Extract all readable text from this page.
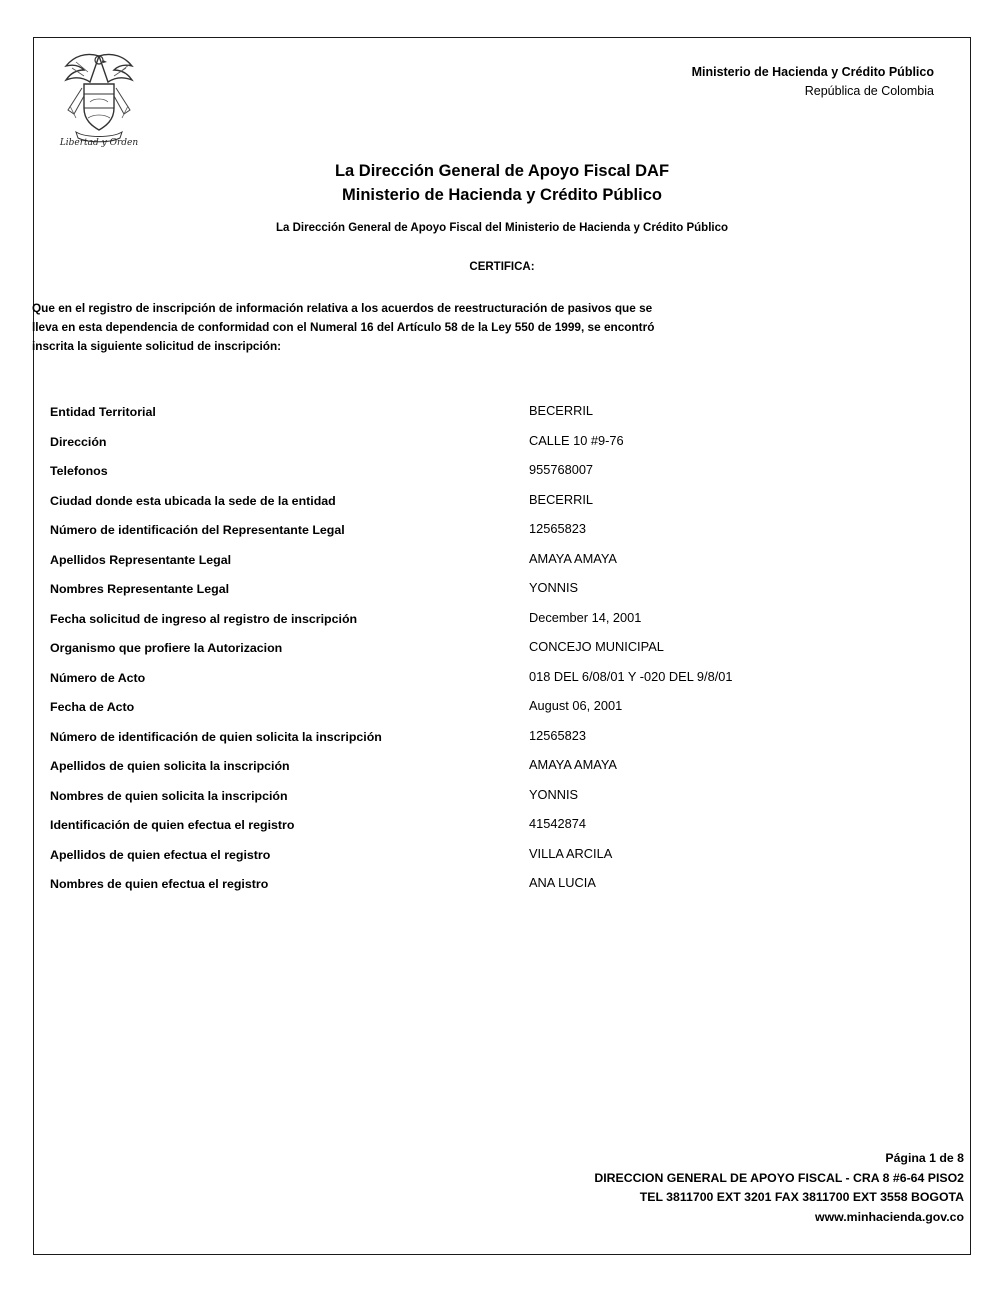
Libertad y Orden
Ministerio de Hacienda y Crédito Público
República de Colombia
La Dirección General de Apoyo Fiscal DAF
Ministerio de Hacienda y Crédito Público
La Dirección General de Apoyo Fiscal del Ministerio de Hacienda y Crédito Público
CERTIFICA:
Que en el registro de inscripción de información relativa a los acuerdos de reestructuración de pasivos que se
lleva en esta dependencia de conformidad con el Numeral 16 del Artículo 58 de la Ley 550 de 1999, se encontró
inscrita la siguiente solicitud de inscripción:
Entidad Territorial	BECERRIL
Dirección	CALLE 10 #9-76
Telefonos	955768007
Ciudad donde esta ubicada la sede de la entidad	BECERRIL
Número de identificación del Representante Legal	12565823
Apellidos Representante Legal	AMAYA AMAYA
Nombres Representante Legal	YONNIS
Fecha solicitud de ingreso al registro de inscripción	December 14, 2001
Organismo que profiere la Autorizacion	CONCEJO MUNICIPAL
Número de Acto	018 DEL 6/08/01 Y -020 DEL 9/8/01
Fecha de Acto	August 06, 2001
Número de identificación de quien solicita la inscripción	12565823
Apellidos de quien solicita la inscripción	AMAYA AMAYA
Nombres de quien solicita la inscripción	YONNIS
Identificación de quien efectua el registro	41542874
Apellidos de quien efectua el registro	VILLA ARCILA
Nombres de quien efectua el registro	ANA LUCIA
Página 1 de 8
DIRECCION GENERAL DE APOYO FISCAL - CRA 8 #6-64 PISO2
TEL 3811700 EXT 3201 FAX 3811700 EXT 3558 BOGOTA
www.minhacienda.gov.co
